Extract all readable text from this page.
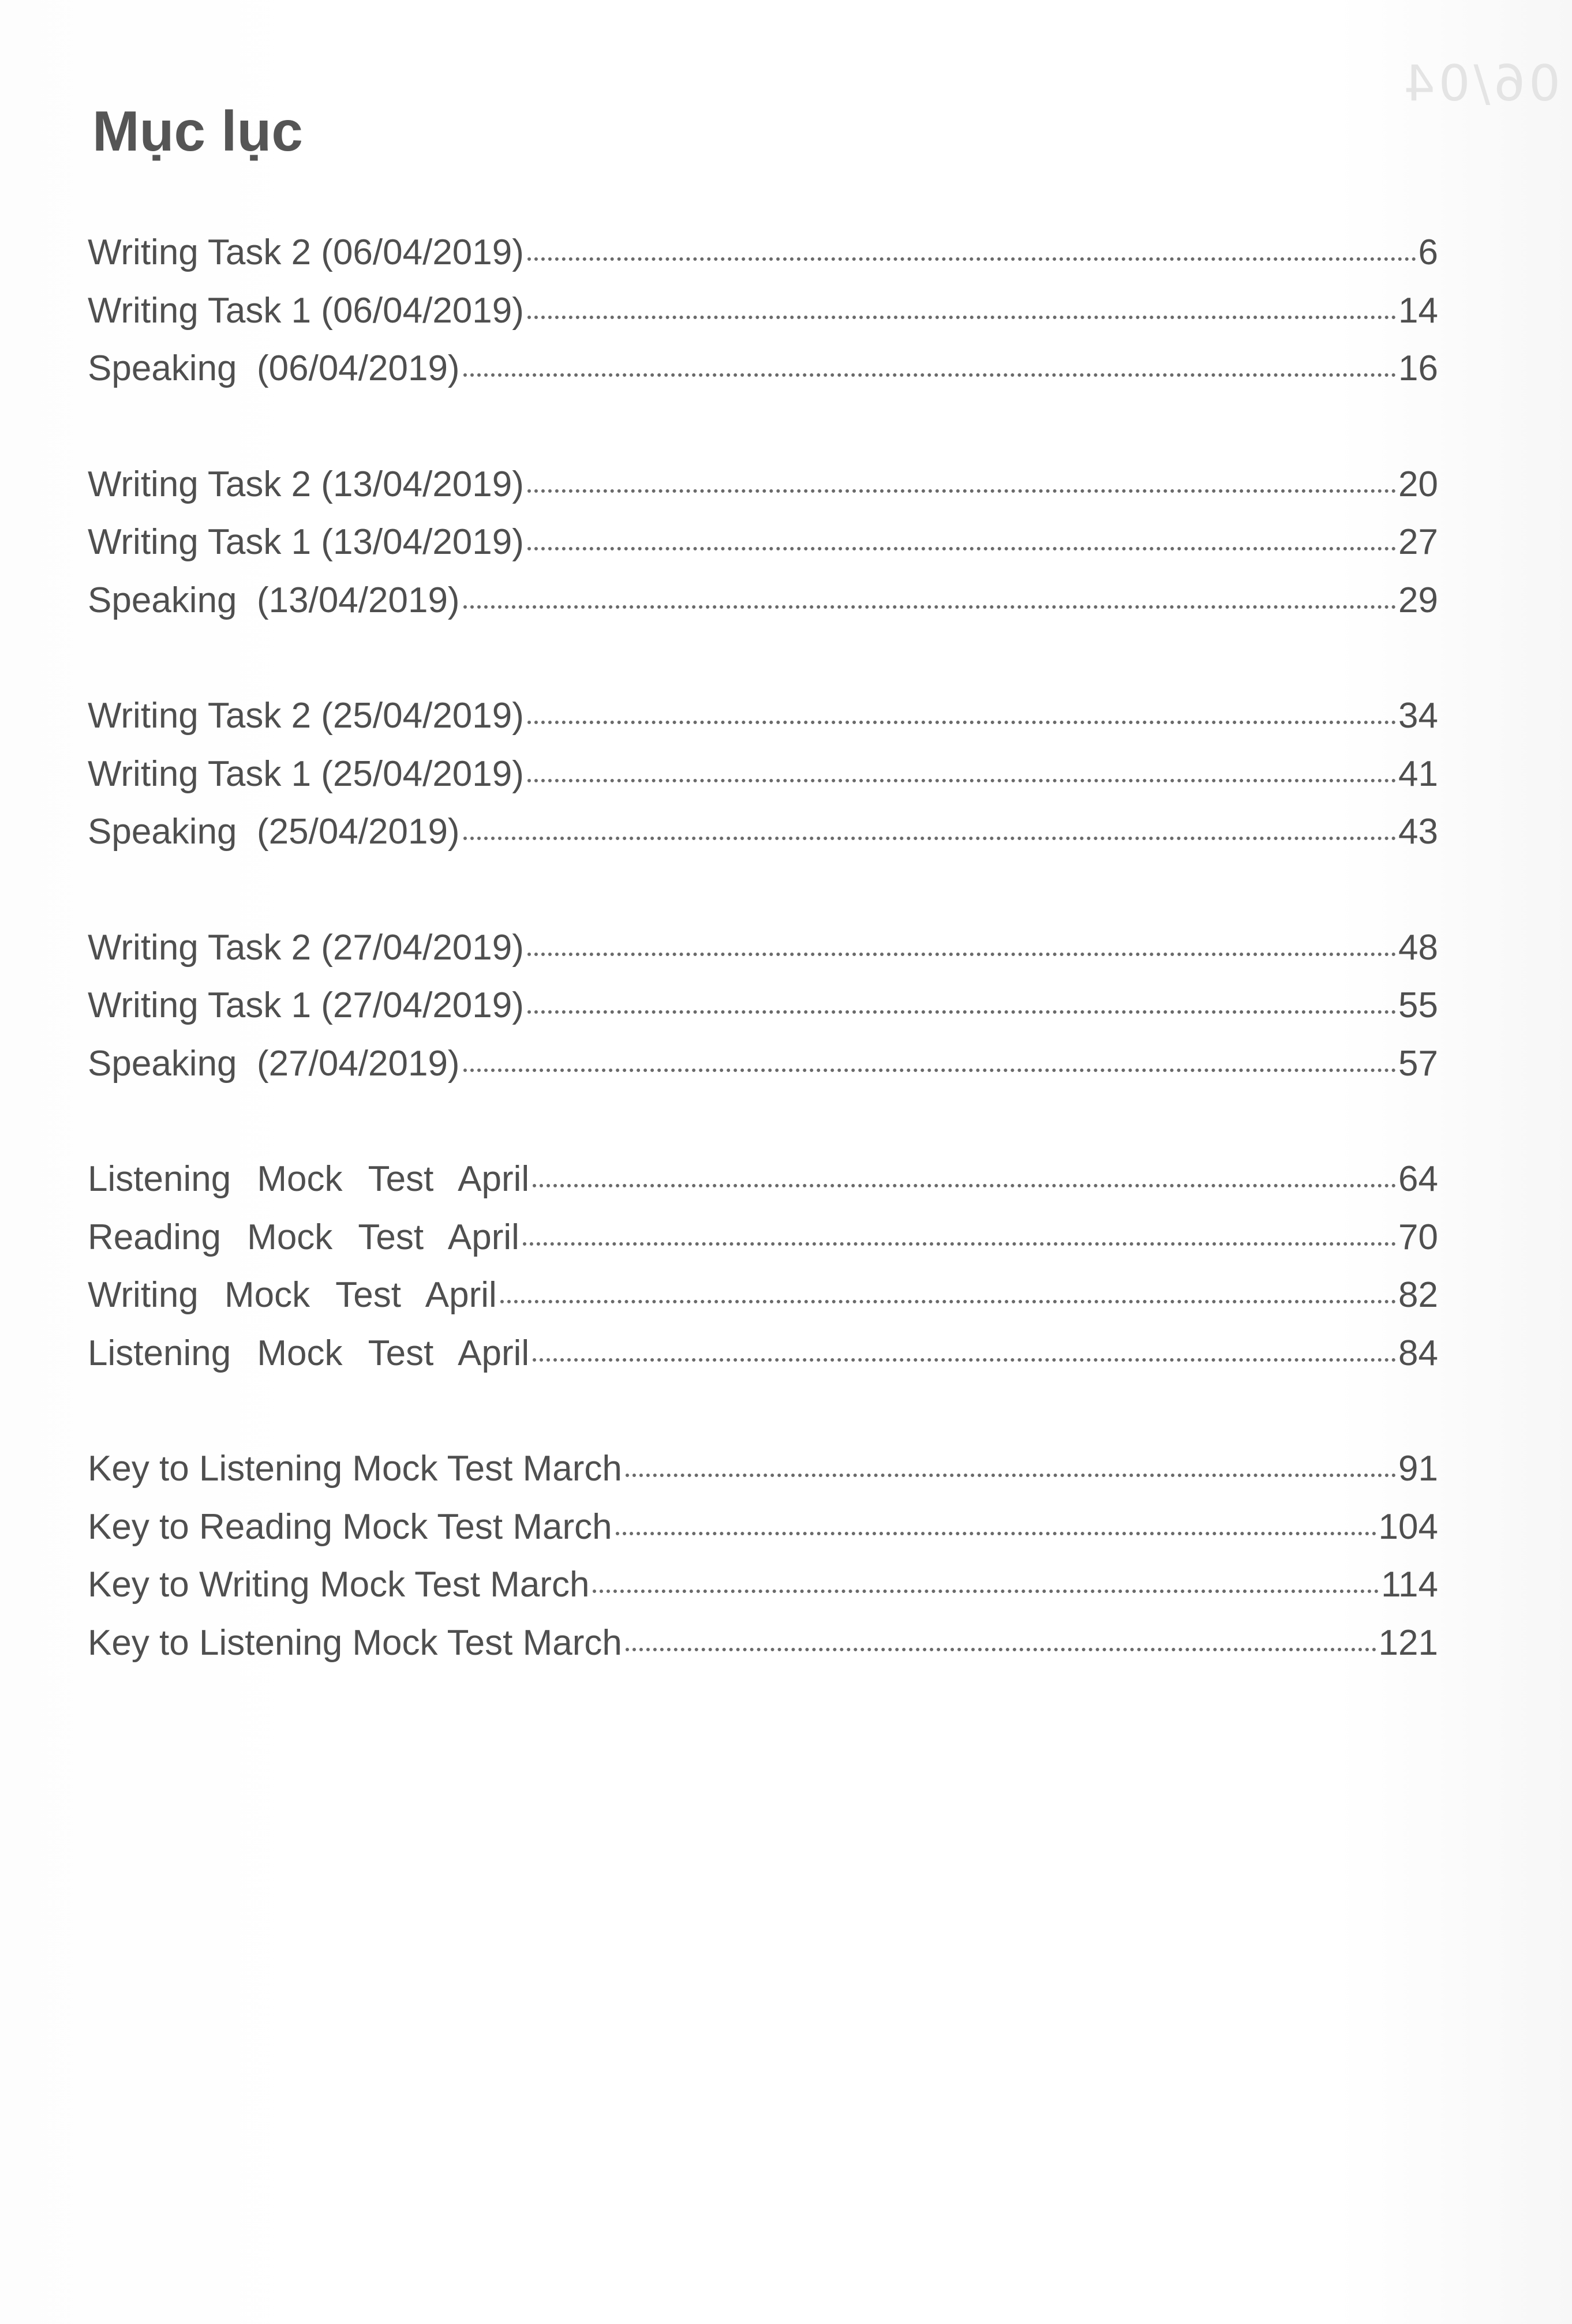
06/04
Mục lục
Writing Task 2 (06/04/2019)	6
Writing Task 1 (06/04/2019)	14
Speaking  (06/04/2019)	16
Writing Task 2 (13/04/2019)	20
Writing Task 1 (13/04/2019)	27
Speaking  (13/04/2019)	29
Writing Task 2 (25/04/2019)	34
Writing Task 1 (25/04/2019)	41
Speaking  (25/04/2019)	43
Writing Task 2 (27/04/2019)	48
Writing Task 1 (27/04/2019)	55
Speaking  (27/04/2019)	57
Listening Mock Test April	64
Reading Mock Test April	70
Writing Mock Test April	82
Listening Mock Test April	84
Key to Listening Mock Test March	91
Key to Reading Mock Test March	104
Key to Writing Mock Test March	114
Key to Listening Mock Test March	121
